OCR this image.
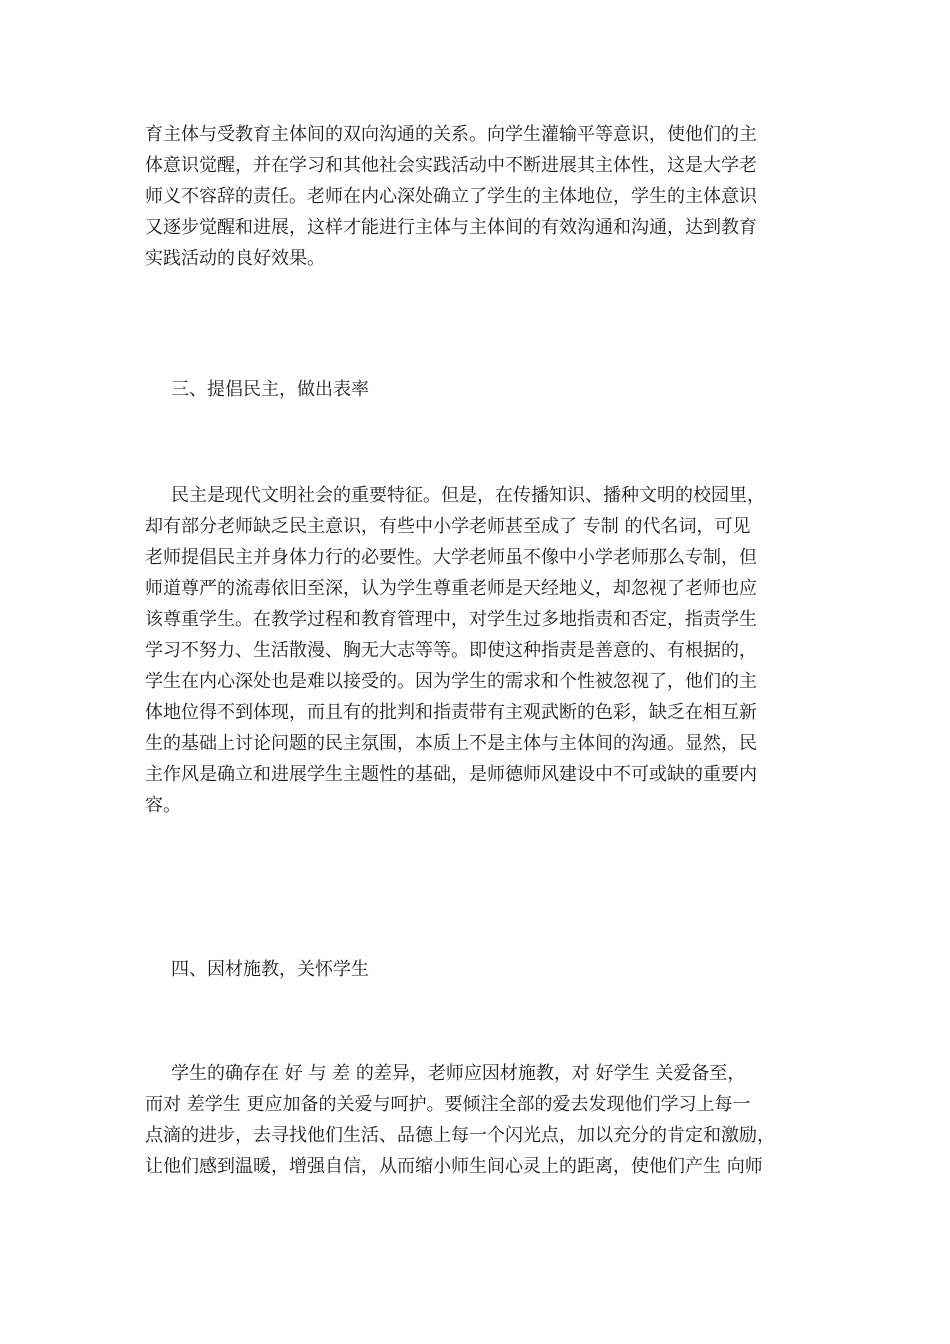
育主体与受教育主体间的双向沟通的关系。向学生灌输平等意识，使他们的主

体意识觉醒，并在学习和其他社会实践活动中不断进展其主体性，这是大学老

师义不容辞的责任。老师在内心深处确立了学生的主体地位，学生的主体意识

又逐步觉醒和进展，这样才能进行主体与主体间的有效沟通和沟通，达到教育

实践活动的良好效果。

三、提倡民主，做出表率

民主是现代文明社会的重要特征。但是，在传播知识、播种文明的校园里，

却有部分老师缺乏民主意识，有些中小学老师甚至成了 专制 的代名词，可见

老师提倡民主并身体力行的必要性。大学老师虽不像中小学老师那么专制，但

师道尊严的流毒依旧至深，认为学生尊重老师是天经地义，却忽视了老师也应

该尊重学生。在教学过程和教育管理中，对学生过多地指责和否定，指责学生

学习不努力、生活散漫、胸无大志等等。即使这种指责是善意的、有根据的，

学生在内心深处也是难以接受的。因为学生的需求和个性被忽视了，他们的主

体地位得不到体现，而且有的批判和指责带有主观武断的色彩，缺乏在相互新

生的基础上讨论问题的民主氛围，本质上不是主体与主体间的沟通。显然，民

主作风是确立和进展学生主题性的基础，是师德师风建设中不可或缺的重要内

容。

四、因材施教，关怀学生

学生的确存在 好 与 差 的差异，老师应因材施教，对 好学生 关爱备至，

而对 差学生 更应加备的关爱与呵护。要倾注全部的爱去发现他们学习上每一

点滴的进步，去寻找他们生活、品德上每一个闪光点，加以充分的肯定和激励，

让他们感到温暖，增强自信，从而缩小师生间心灵上的距离，使他们产生 向师
